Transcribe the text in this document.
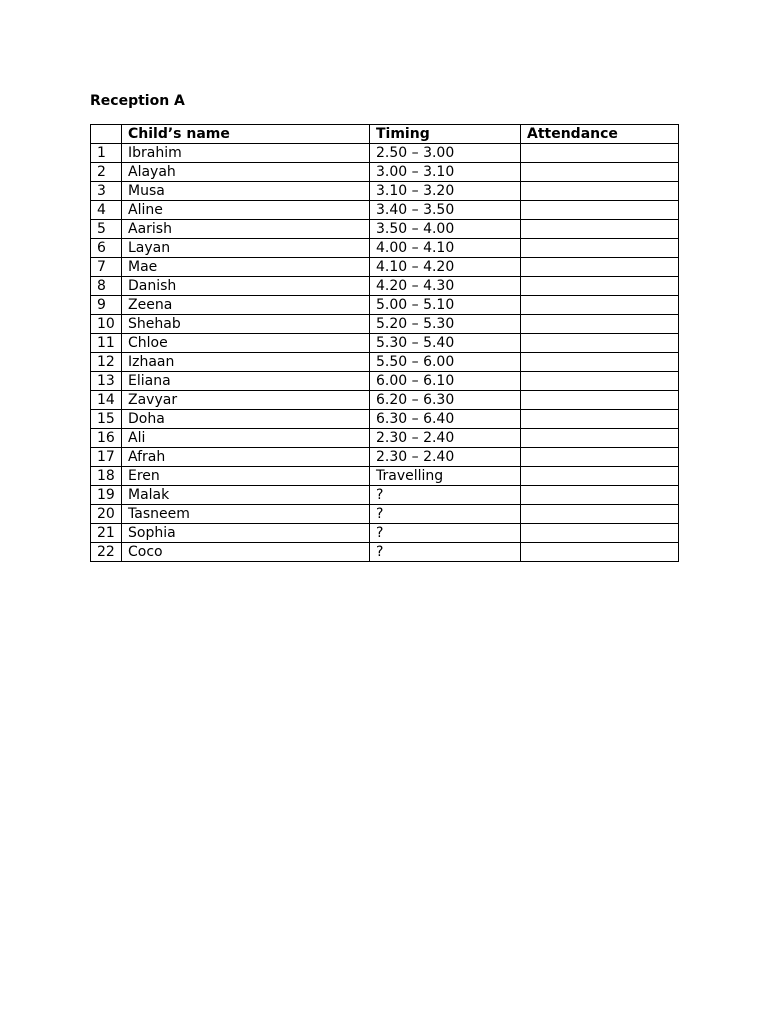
Reception A
	Child’s name	Timing	Attendance
1	Ibrahim	2.50 – 3.00	
2	Alayah	3.00 – 3.10	
3	Musa	3.10 – 3.20	
4	Aline	3.40 – 3.50	
5	Aarish	3.50 – 4.00	
6	Layan	4.00 – 4.10	
7	Mae	4.10 – 4.20	
8	Danish	4.20 – 4.30	
9	Zeena	5.00 – 5.10	
10	Shehab	5.20 – 5.30	
11	Chloe	5.30 – 5.40	
12	Izhaan	5.50 – 6.00	
13	Eliana	6.00 – 6.10	
14	Zavyar	6.20 – 6.30	
15	Doha	6.30 – 6.40	
16	Ali	2.30 – 2.40	
17	Afrah	2.30 – 2.40	
18	Eren	Travelling	
19	Malak	?	
20	Tasneem	?	
21	Sophia	?	
22	Coco	?	
